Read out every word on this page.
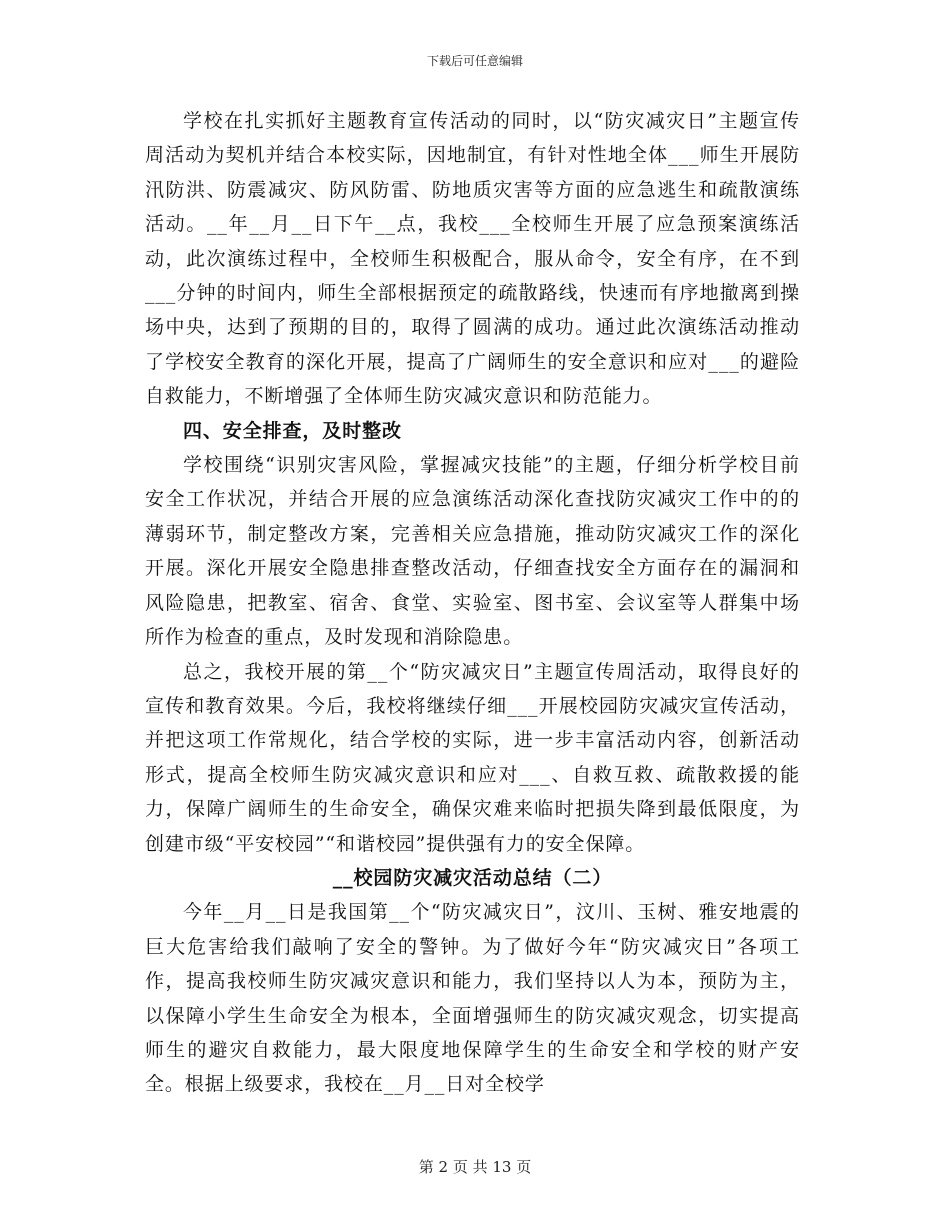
下载后可任意编辑

学校在扎实抓好主题教育宣传活动的同时，以“防灾减灾日”主题宣传周活动为契机并结合本校实际，因地制宜，有针对性地全体___师生开展防汛防洪、防震减灾、防风防雷、防地质灾害等方面的应急逃生和疏散演练活动。__年__月__日下午__点，我校___全校师生开展了应急预案演练活动，此次演练过程中，全校师生积极配合，服从命令，安全有序，在不到___分钟的时间内，师生全部根据预定的疏散路线，快速而有序地撤离到操场中央，达到了预期的目的，取得了圆满的成功。通过此次演练活动推动了学校安全教育的深化开展，提高了广阔师生的安全意识和应对___的避险自救能力，不断增强了全体师生防灾减灾意识和防范能力。

四、安全排查，及时整改

学校围绕“识别灾害风险，掌握减灾技能”的主题，仔细分析学校目前安全工作状况，并结合开展的应急演练活动深化查找防灾减灾工作中的的薄弱环节，制定整改方案，完善相关应急措施，推动防灾减灾工作的深化开展。深化开展安全隐患排查整改活动，仔细查找安全方面存在的漏洞和风险隐患，把教室、宿舍、食堂、实验室、图书室、会议室等人群集中场所作为检查的重点，及时发现和消除隐患。

总之，我校开展的第__个“防灾减灾日”主题宣传周活动，取得良好的宣传和教育效果。今后，我校将继续仔细___开展校园防灾减灾宣传活动，并把这项工作常规化，结合学校的实际，进一步丰富活动内容，创新活动形式，提高全校师生防灾减灾意识和应对___、自救互救、疏散救援的能力，保障广阔师生的生命安全，确保灾难来临时把损失降到最低限度，为创建市级“平安校园”“和谐校园”提供强有力的安全保障。

__校园防灾减灾活动总结（二）

今年__月__日是我国第__个“防灾减灾日”，汶川、玉树、雅安地震的巨大危害给我们敲响了安全的警钟。为了做好今年“防灾减灾日”各项工作，提高我校师生防灾减灾意识和能力，我们坚持以人为本，预防为主，以保障小学生生命安全为根本，全面增强师生的防灾减灾观念，切实提高师生的避灾自救能力，最大限度地保障学生的生命安全和学校的财产安全。根据上级要求，我校在__月__日对全校学

第 2 页 共 13 页
